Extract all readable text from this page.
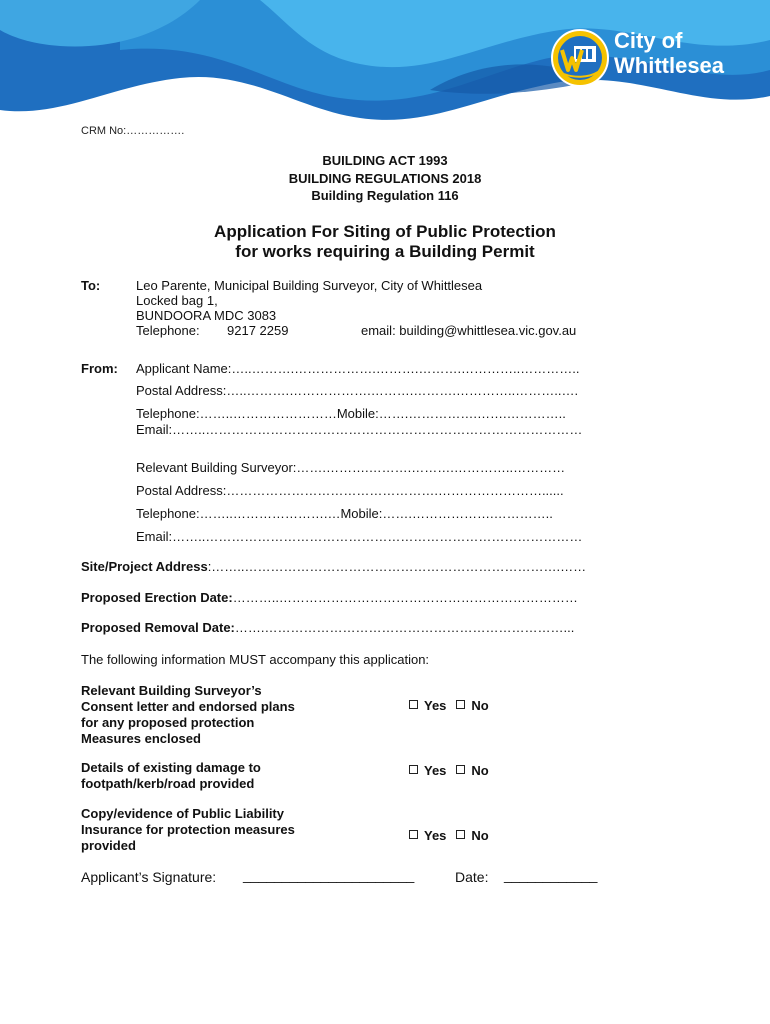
City of
Whittlesea
CRM No:…………….
BUILDING ACT 1993
BUILDING REGULATIONS 2018
Building Regulation 116
Application For Siting of Public Protection
for works requiring a Building Permit
To:	Leo Parente, Municipal Building Surveyor, City of Whittlesea
Locked bag 1,
BUNDOORA MDC 3083
Telephone: 9217 2259	email: building@whittlesea.vic.gov.au
From: Applicant Name:…..……….……………….……….……….…………..…………..
Postal Address:…..……….……………….……….……….…………..………..….
Telephone:……..……………………Mobile:…….…………….…….…………..
Email:……..……………………………………………………………………………
Relevant Building Surveyor:…….……….……….……….…………..…………
Postal Address:………………………………………….……………………......
Telephone:……..………………….…Mobile:…….……………….…………..
Email:……..……………………………………………………………………………
Site/Project Address:……..……………………………………………………………….……
Proposed Erection Date:………..……………………………………………………………
Proposed Removal Date:…….……………………………………………………………...
The following information MUST accompany this application:
Relevant Building Surveyor’s
Consent letter and endorsed plans
for any proposed protection
Measures enclosed
Yes No
Details of existing damage to
footpath/kerb/road provided
Yes No
Copy/evidence of Public Liability
Insurance for protection measures
provided
Yes No
Applicant’s Signature: ______________________	Date: ____________
